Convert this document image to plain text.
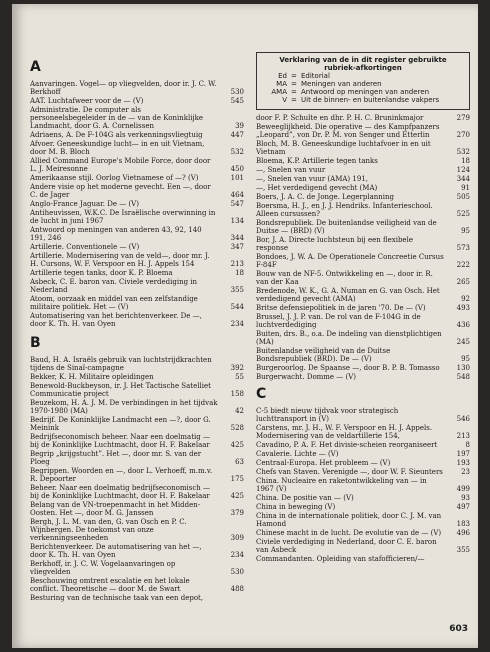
Verklaring van de in dit register gebruikte rubriek-afkortingen
Ed = Editorial
MA = Meningen van anderen
AMA = Antwoord op meningen van anderen
V = Uit de binnen- en buitenlandse vakpers
A
Aanvaringen. Vogel— op vliegvelden, door ir. J. C. W. Berkhoff	530
AAT. Luchtafweer voor de — (V)	545
Administratie. De computer als personeelsbegeleider in de — van de Koninklijke Landmacht, door G. A. Cornelissen	39
Adriaens, A. De F-104G als verkenningsvliegtuig	447
Afvoer. Geneeskundige lucht— in en uit Vietnam, door M. B. Bloch	532
Allied Command Europe's Mobile Force, door door L. J. Meiresonne	450
Amerikaanse stijl. Oorlog Vietnamese of —? (V)	101
Andere visie op het moderne gevecht. Een —, door C. de Jager	464
Anglo-France Jaguar. De — (V)	547
Antiheuvissen, W.K.C. De Israëlische overwinning in de lucht in juni 1967	134
Antwoord op meningen van anderen 43, 92, 140 191, 246	344
Artillerie. Conventionele — (V)	347
Artillerie. Modernisering van de veld—, door mr. J. H. Cursons, W. F. Verspoor en H. J. Appels 154	213
Artillerie tegen tanks, door K. P. Bloema	18
Asbeck, C. E. baron van. Civiele verdediging in Nederland	355
Atoom, oorzaak en middel van een zelfstandige militaire politiek. Het — (V)	544
Automatisering van het berichtenverkeer. De —, door K. Th. H. van Oyen	234
B
Baud, H. A. Israëls gebruik van luchtstrijdkrachten tijdens de Sinaï-campagne	392
Bekker, K. H. Militaire opleidingen	55
Benewold-Buckbeyson, ir. J. Het Tactische Satelliet Communicatie project	158
Beuzekom, H. A. J. M. De verbindingen in het tijdvak 1970-1980 (MA)	42
Bedrijf. De Koninklijke Landmacht een —?, door G. Meinink	528
Bedrijfseconomisch beheer. Naar een doelmatig — bij de Koninklijke Luchtmacht, door H. F. Bakelaar	425
Begrip „krijgstucht”. Het —, door mr. S. van der Ploeg	63
Begrippen. Woorden en —, door L. Verhoeff, m.m.v. R. Depoorter	175
Beheer. Naar een doelmatig bedrijfseconomisch — bij de Koninklijke Luchtmacht, door H. F. Bakelaar	425
Belang van de VN-troepenmacht in het Midden-Oosten. Het —, door M. G. Janssen	379
Bergh, J. L. M. van den, G. van Osch en P. C. Wijnbergen. De toekomst van onze verkenningseenheden	309
Berichtenverkeer. De automatisering van het —, door K. Th. H. van Oyen	234
Berkhoff, ir. J. C. W. Vogelaanvaringen op vliegvelden	530
Beschouwing omtrent escalatie en het lokale conflict. Theoretische — door M. de Swart	488
Besturing van de technische taak van een depot,
door F. P. Schulte en dhr. P. H. C. Bruninkmajor	279
Beweeglijkheid. Die operative — des Kampfpanzers „Leopard”, von Dr. P. M. von Senger und Etterlin	270
Bloch, M. B. Geneeskundige luchtafvoer in en uit Vietnam	532
Bloema, K.P. Artillerie tegen tanks	18
—, Snelen van vuur	124
—, Snelen van vuur (AMA) 191,	344
—, Het verdedigend gevecht (MA)	91
Boers, J. A. C. de Jonge. Legerplanning	505
Boersma, H. J., en J. J. Hendriks. Infanterieschool. Alleen cursussen?	525
Bondsrepubliek. De buitenlandse veiligheid van de Duitse — (BRD) (V)	95
Bor, J. A. Directe luchtsteun bij een flexibele response	573
Bondoes, J. W. A. De Operationele Concreetie Cursus F-84F	222
Bouw van de NF-5. Ontwikkeling en —, door ir. R. van der Kaa	265
Bredenode, W. K., G. A. Numan en G. van Osch. Het verdedigend gevecht (AMA)	92
Britse defensiepolitiek in de jaren '70. De — (V)	493
Brussel, J. J. P. van. De rol van de F-104G in de luchtverdediging	436
Buiten, drs. B., o.a. De indeling van dienstplichtigen (MA)	245
Buitenlandse veiligheid van de Duitse Bondsrepubliek (BRD). De — (V)	95
Burgeroorlog. De Spaanse —, door B. P. B. Tomasso	130
Burgerwacht. Domme — (V)	548
C
C-5 biedt nieuw tijdvak voor strategisch luchttransport in (V)	546
Carstens, mr. J. H., W. F. Verspoor en H. J. Appels. Modernisering van de veldartillerie 154,	213
Cavadino, P. A. F. Het divisie-scheien reorganiseert	8
Cavalerie. Lichte — (V)	197
Centraal-Europa. Het probleem — (V)	193
Chefs van Staven. Verenigde —, door W. F. Sieunters	23
China. Nucleaire en raketontwikkeling van — in 1967 (V)	499
China. De positie van — (V)	93
China in beweging (V)	497
China in de internationale politiek, door C. J. M. van Hamond	183
Chinese macht in de lucht. De evolutie van de — (V)	496
Civiele verdediging in Nederland, door C. E. baron van Asbeck	355
Commandanten. Opleiding van stafofficieren/—
603
